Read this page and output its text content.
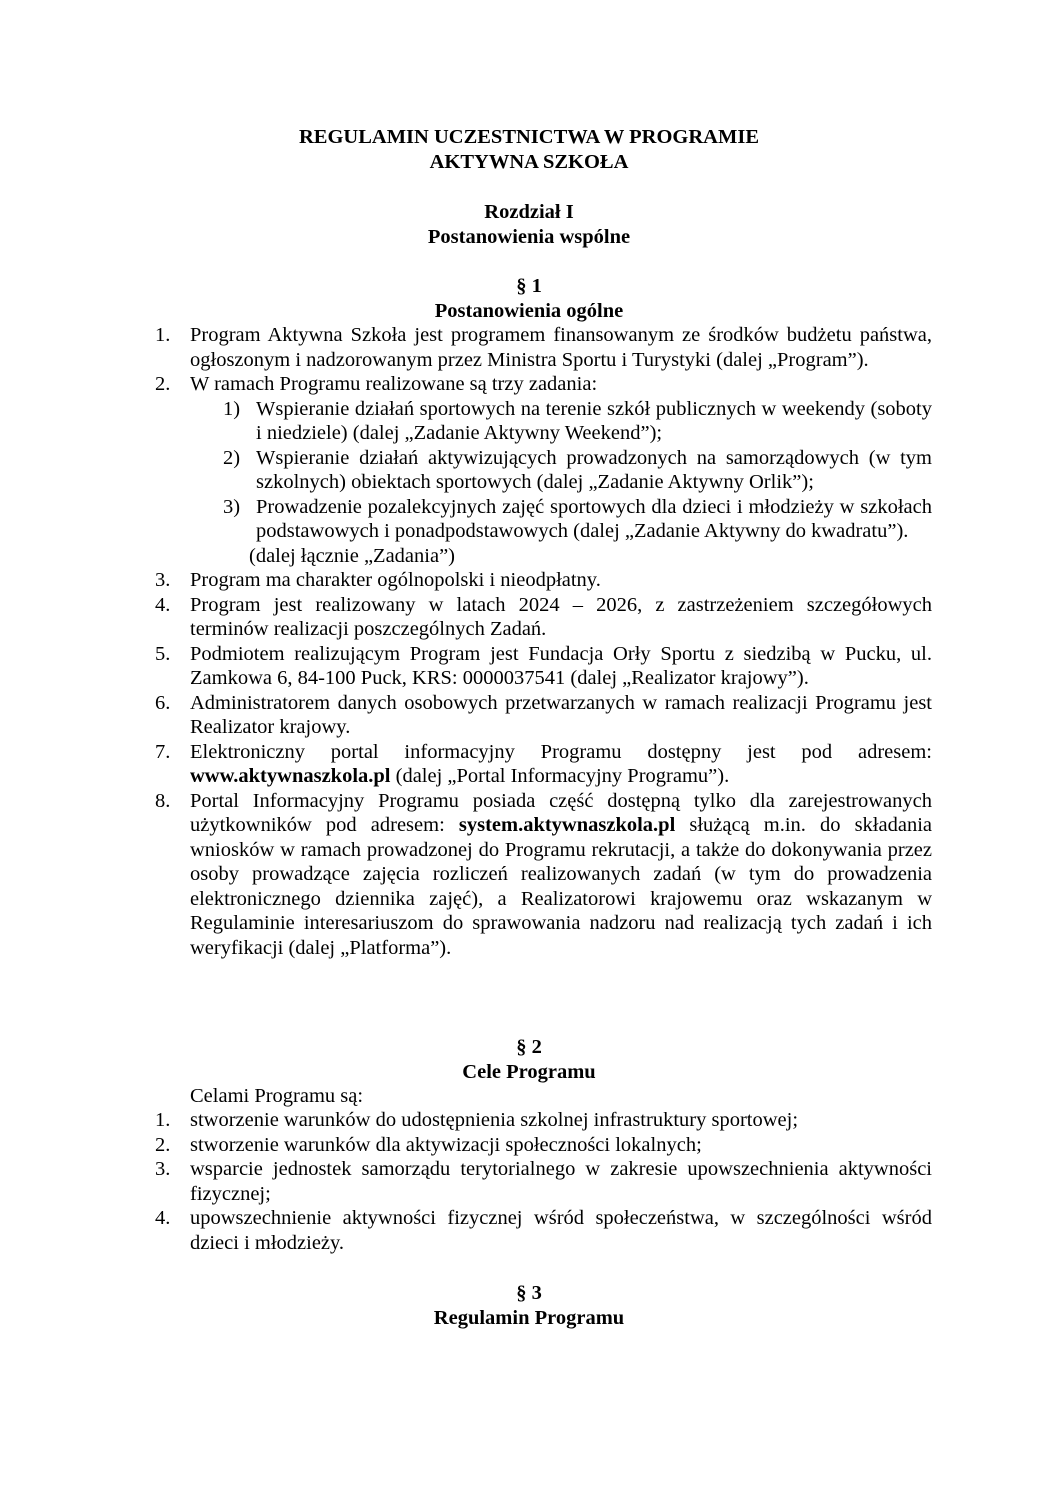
REGULAMIN UCZESTNICTWA W PROGRAMIE
AKTYWNA SZKOŁA
Rozdział I
Postanowienia wspólne
§ 1
Postanowienia ogólne
1. Program Aktywna Szkoła jest programem finansowanym ze środków budżetu państwa, ogłoszonym i nadzorowanym przez Ministra Sportu i Turystyki (dalej „Program”).
2. W ramach Programu realizowane są trzy zadania:
1) Wspieranie działań sportowych na terenie szkół publicznych w weekendy (soboty i niedziele) (dalej „Zadanie Aktywny Weekend”);
2) Wspieranie działań aktywizujących prowadzonych na samorządowych (w tym szkolnych) obiektach sportowych (dalej „Zadanie Aktywny Orlik”);
3) Prowadzenie pozalekcyjnych zajęć sportowych dla dzieci i młodzieży w szkołach podstawowych i ponadpodstawowych (dalej „Zadanie Aktywny do kwadratu”).
(dalej łącznie „Zadania”)
3. Program ma charakter ogólnopolski i nieodpłatny.
4. Program jest realizowany w latach 2024 – 2026, z zastrzeżeniem szczegółowych terminów realizacji poszczególnych Zadań.
5. Podmiotem realizującym Program jest Fundacja Orły Sportu z siedzibą w Pucku, ul. Zamkowa 6, 84-100 Puck, KRS: 0000037541 (dalej „Realizator krajowy”).
6. Administratorem danych osobowych przetwarzanych w ramach realizacji Programu jest Realizator krajowy.
7. Elektroniczny portal informacyjny Programu dostępny jest pod adresem: www.aktywnaszkola.pl (dalej „Portal Informacyjny Programu”).
8. Portal Informacyjny Programu posiada część dostępną tylko dla zarejestrowanych użytkowników pod adresem: system.aktywnaszkola.pl służącą m.in. do składania wniosków w ramach prowadzonej do Programu rekrutacji, a także do dokonywania przez osoby prowadzące zajęcia rozliczeń realizowanych zadań (w tym do prowadzenia elektronicznego dziennika zajęć), a Realizatorowi krajowemu oraz wskazanym w Regulaminie interesariuszom do sprawowania nadzoru nad realizacją tych zadań i ich weryfikacji (dalej „Platforma”).
§ 2
Cele Programu
Celami Programu są:
1. stworzenie warunków do udostępnienia szkolnej infrastruktury sportowej;
2. stworzenie warunków dla aktywizacji społeczności lokalnych;
3. wsparcie jednostek samorządu terytorialnego w zakresie upowszechnienia aktywności fizycznej;
4. upowszechnienie aktywności fizycznej wśród społeczeństwa, w szczególności wśród dzieci i młodzieży.
§ 3
Regulamin Programu
